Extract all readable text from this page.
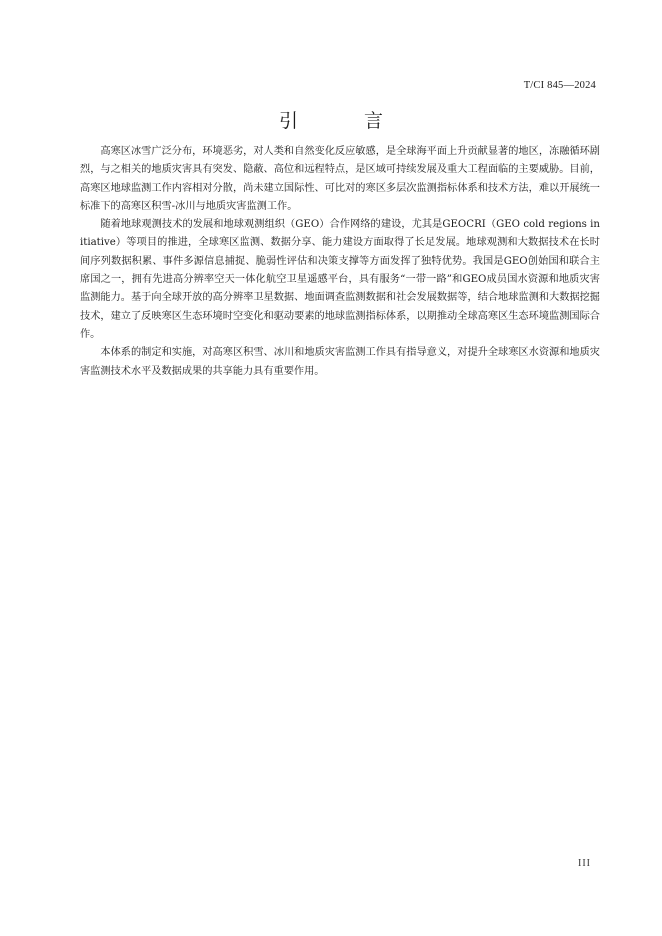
T/CI 845—2024
引 言

高寒区冰雪广泛分布，环境恶劣，对人类和自然变化反应敏感，是全球海平面上升贡献显著的地区，冻融循环剧烈，与之相关的地质灾害具有突发、隐蔽、高位和远程特点，是区域可持续发展及重大工程面临的主要威胁。目前，高寒区地球监测工作内容相对分散，尚未建立国际性、可比对的寒区多层次监测指标体系和技术方法，难以开展统一标准下的高寒区积雪-冰川与地质灾害监测工作。

随着地球观测技术的发展和地球观测组织（GEO）合作网络的建设，尤其是GEOCRI（GEO cold regions initiative）等项目的推进，全球寒区监测、数据分享、能力建设方面取得了长足发展。地球观测和大数据技术在长时间序列数据积累、事件多源信息捕捉、脆弱性评估和决策支撑等方面发挥了独特优势。我国是GEO创始国和联合主席国之一，拥有先进高分辨率空天一体化航空卫星遥感平台，具有服务“一带一路”和GEO成员国水资源和地质灾害监测能力。基于向全球开放的高分辨率卫星数据、地面调查监测数据和社会发展数据等，结合地球监测和大数据挖掘技术，建立了反映寒区生态环境时空变化和驱动要素的地球监测指标体系，以期推动全球高寒区生态环境监测国际合作。

本体系的制定和实施，对高寒区积雪、冰川和地质灾害监测工作具有指导意义，对提升全球寒区水资源和地质灾害监测技术水平及数据成果的共享能力具有重要作用。

III
